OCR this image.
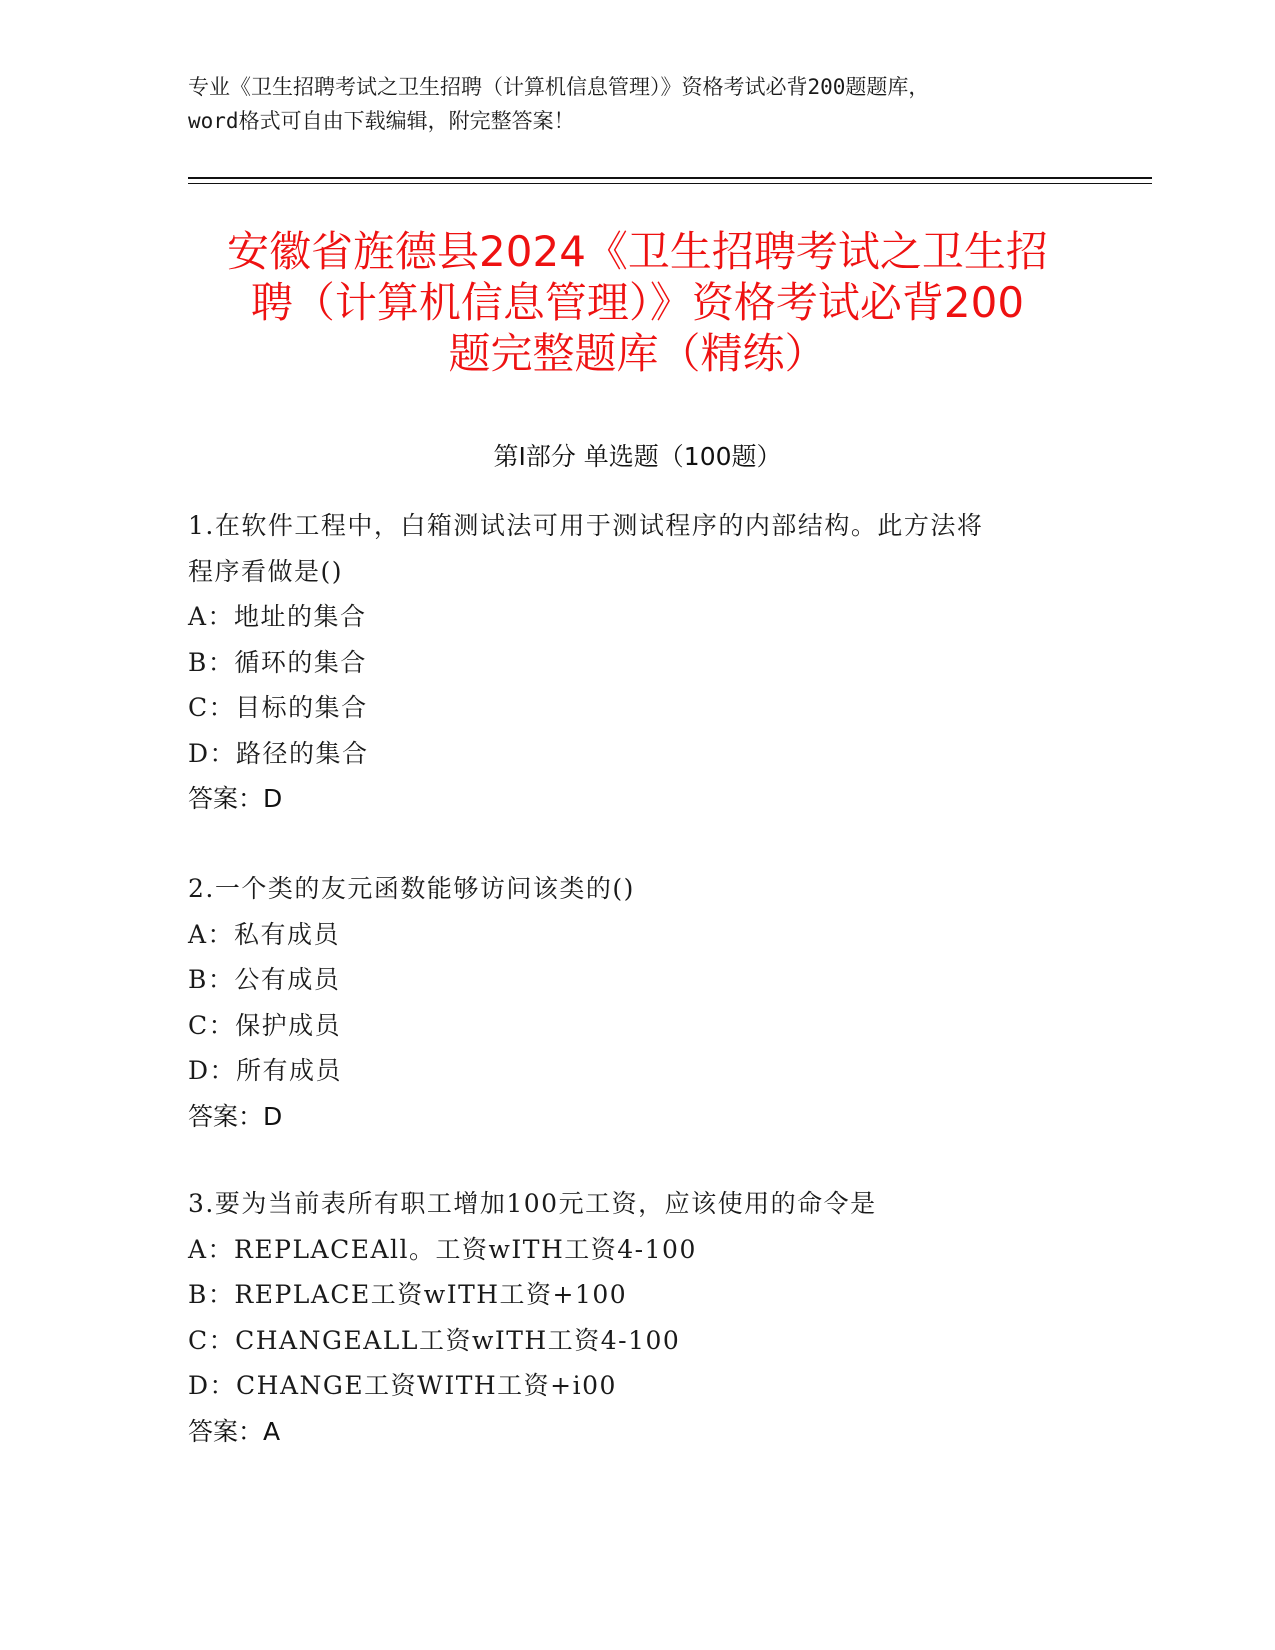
专业《卫生招聘考试之卫生招聘（计算机信息管理）》资格考试必背200题题库，
word格式可自由下载编辑，附完整答案！
安徽省旌德县2024《卫生招聘考试之卫生招
聘（计算机信息管理）》资格考试必背200
题完整题库（精练）
第Ⅰ部分 单选题（100题）
1.在软件工程中，白箱测试法可用于测试程序的内部结构。此方法将
程序看做是()
A：地址的集合
B：循环的集合
C：目标的集合
D：路径的集合
答案：D
2.一个类的友元函数能够访问该类的()
A：私有成员
B：公有成员
C：保护成员
D：所有成员
答案：D
3.要为当前表所有职工增加100元工资，应该使用的命令是
A：REPLACEAll。工资wITH工资4-100
B：REPLACE工资wITH工资+100
C：CHANGEALL工资wITH工资4-100
D：CHANGE工资WITH工资+i00
答案：A
